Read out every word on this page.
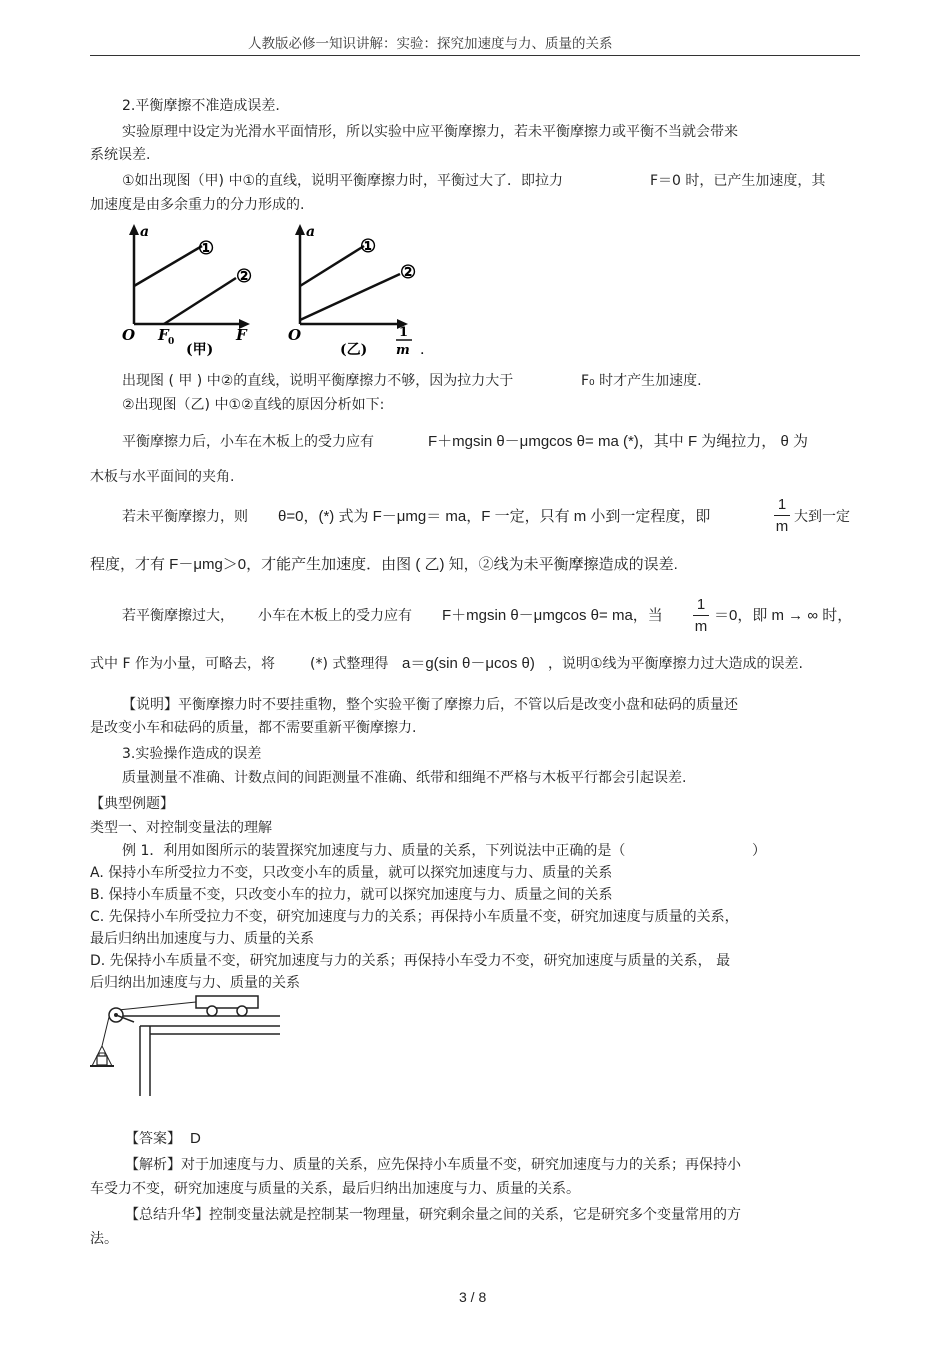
人教版必修一知识讲解：实验：探究加速度与力、质量的关系
2.平衡摩擦不准造成误差.
实验原理中设定为光滑水平面情形，所以实验中应平衡摩擦力，若未平衡摩擦力或平衡不当就会带来
系统误差.
①如出现图（甲) 中①的直线，说明平衡摩擦力时，平衡过大了．即拉力	F＝0 时，已产生加速度，其
加速度是由多余重力的分力形成的.
a
①
②
O F 0	F
(甲)
a
①
②
O	1
m
(乙)	.
出现图 ( 甲 ) 中②的直线，说明平衡摩擦力不够，因为拉力大于	F₀ 时才产生加速度.
②出现图（乙) 中①②直线的原因分析如下:
平衡摩擦力后，小车在木板上的受力应有	F＋mgsin θ－μmgcos θ= ma (*)，其中 F 为绳拉力， θ 为
木板与水平面间的夹角.
若未平衡摩擦力，则 θ=0，(*) 式为 F－μmg＝ ma，F 一定，只有 m 小到一定程度，即
1
m
大到一定
程度，才有 F－μmg＞0，才能产生加速度．由图 ( 乙) 知，②线为未平衡摩擦造成的误差.
若平衡摩擦过大， 小车在木板上的受力应有 F＋mgsin θ－μmgcos θ= ma，当
1
m
＝0，即 m → ∞ 时，
式中 F 作为小量，可略去，将	(*) 式整理得 a＝g(sin θ－μcos θ) ，说明①线为平衡摩擦力过大造成的误差.
【说明】平衡摩擦力时不要挂重物，整个实验平衡了摩擦力后，不管以后是改变小盘和砝码的质量还
是改变小车和砝码的质量，都不需要重新平衡摩擦力.
3.实验操作造成的误差
质量测量不准确、计数点间的间距测量不准确、纸带和细绳不严格与木板平行都会引起误差.
【典型例题】
类型一、对控制变量法的理解
例 1．利用如图所示的装置探究加速度与力、质量的关系，下列说法中正确的是（	）
A. 保持小车所受拉力不变，只改变小车的质量，就可以探究加速度与力、质量的关系
B. 保持小车质量不变，只改变小车的拉力，就可以探究加速度与力、质量之间的关系
C. 先保持小车所受拉力不变，研究加速度与力的关系；再保持小车质量不变，研究加速度与质量的关系，
最后归纳出加速度与力、质量的关系
D. 先保持小车质量不变，研究加速度与力的关系；再保持小车受力不变，研究加速度与质量的关系， 最
后归纳出加速度与力、质量的关系
【答案】 D
【解析】对于加速度与力、质量的关系，应先保持小车质量不变，研究加速度与力的关系；再保持小
车受力不变，研究加速度与质量的关系，最后归纳出加速度与力、质量的关系。
【总结升华】控制变量法就是控制某一物理量，研究剩余量之间的关系，它是研究多个变量常用的方
法。
3 / 8
